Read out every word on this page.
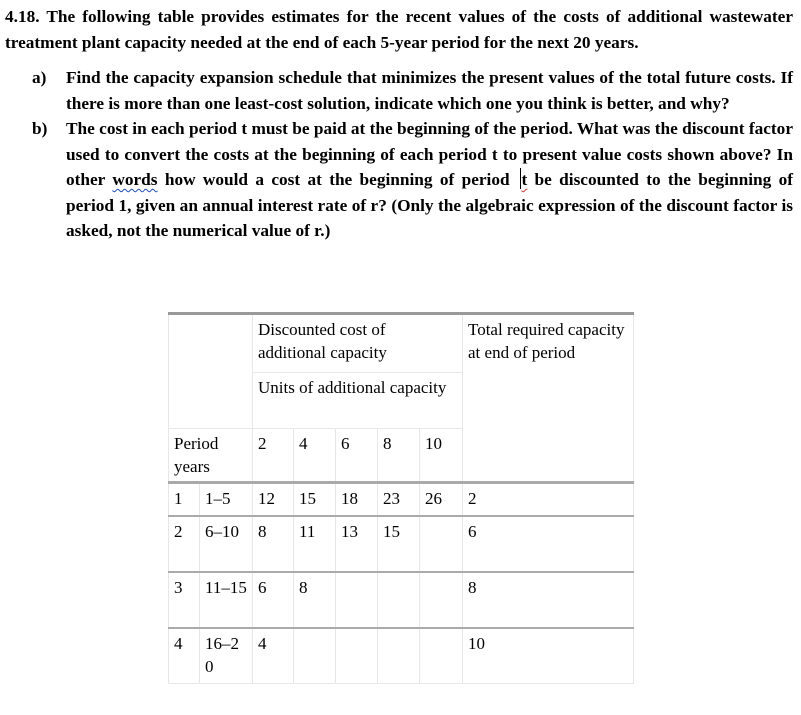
4.18. The following table provides estimates for the recent values of the costs of additional wastewater treatment plant capacity needed at the end of each 5-year period for the next 20 years.

a) Find the capacity expansion schedule that minimizes the present values of the total future costs. If there is more than one least-cost solution, indicate which one you think is better, and why?
b) The cost in each period t must be paid at the beginning of the period. What was the discount factor used to convert the costs at the beginning of each period t to present value costs shown above? In other words how would a cost at the beginning of period t be discounted to the beginning of period 1, given an annual interest rate of r? (Only the algebraic expression of the discount factor is asked, not the numerical value of r.)
		Discounted cost of additional capacity					Total required capacity at end of period
		Units of additional capacity					
Period
years		2	4	6	8	10	
1	1–5	12	15	18	23	26	2
2	6–10	8	11	13	15		6
3	11–15	6	8				8
4	16–20	4					10
